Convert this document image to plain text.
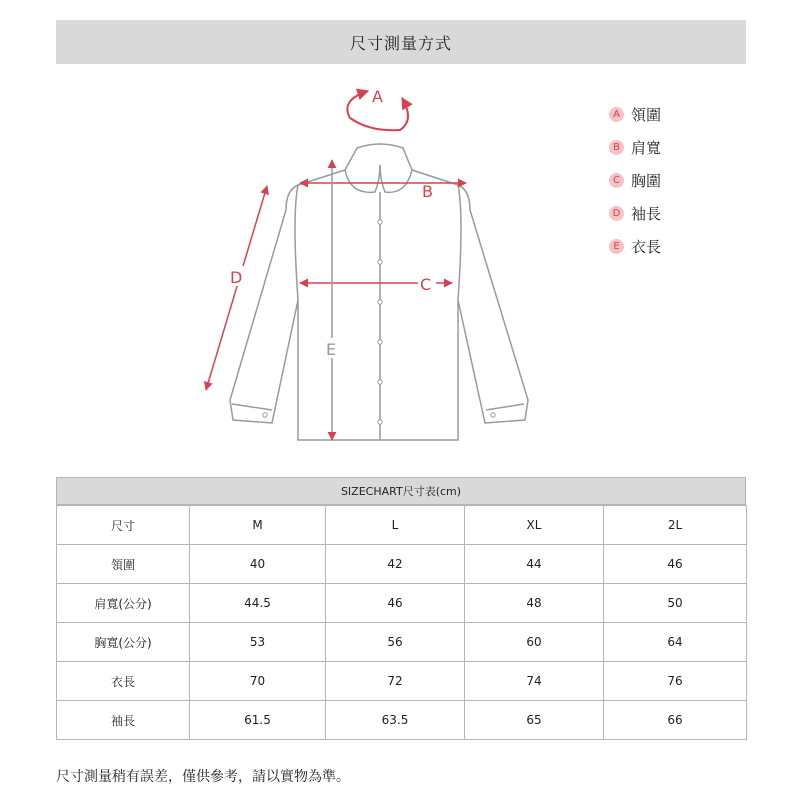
尺寸測量方式
A
B
C
D
E
A 領圍
B 肩寬
C 胸圍
D 袖長
E 衣長
SIZECHART尺寸表(cm)
尺寸	M	L	XL	2L
領圍	40	42	44	46
肩寬(公分)	44.5	46	48	50
胸寬(公分)	53	56	60	64
衣長	70	72	74	76
袖長	61.5	63.5	65	66
尺寸測量稍有誤差，僅供參考，請以實物為準。
